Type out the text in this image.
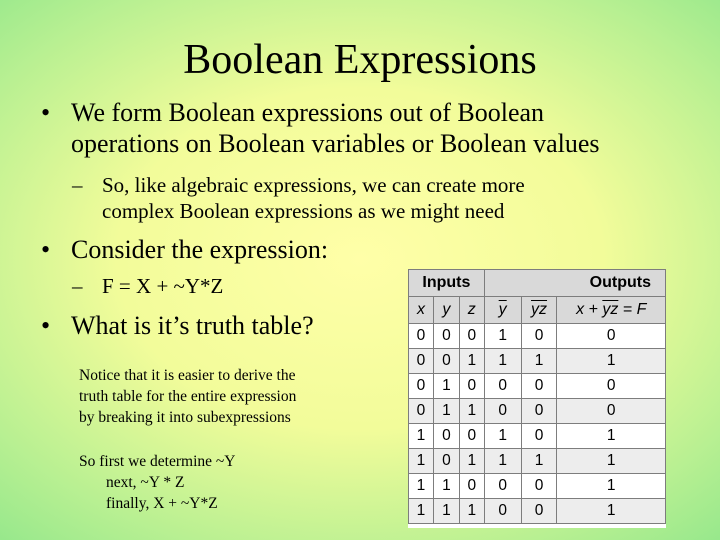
Boolean Expressions
• We form Boolean expressions out of Boolean
operations on Boolean variables or Boolean values
– So, like algebraic expressions, we can create more
complex Boolean expressions as we might need
• Consider the expression:
– F = X + ~Y*Z
• What is it’s truth table?
Notice that it is easier to derive the
truth table for the entire expression
by breaking it into subexpressions
So first we determine ~Y
next, ~Y * Z
finally, X + ~Y*Z
Inputs			Outputs		
x	y	z	$\overline{y}$	$\overline{yz}$	$x + \overline{yz} = F$
0	0	0	1	0	0
0	0	1	1	1	1
0	1	0	0	0	0
0	1	1	0	0	0
1	0	0	1	0	1
1	0	1	1	1	1
1	1	0	0	0	1
1	1	1	0	0	1
